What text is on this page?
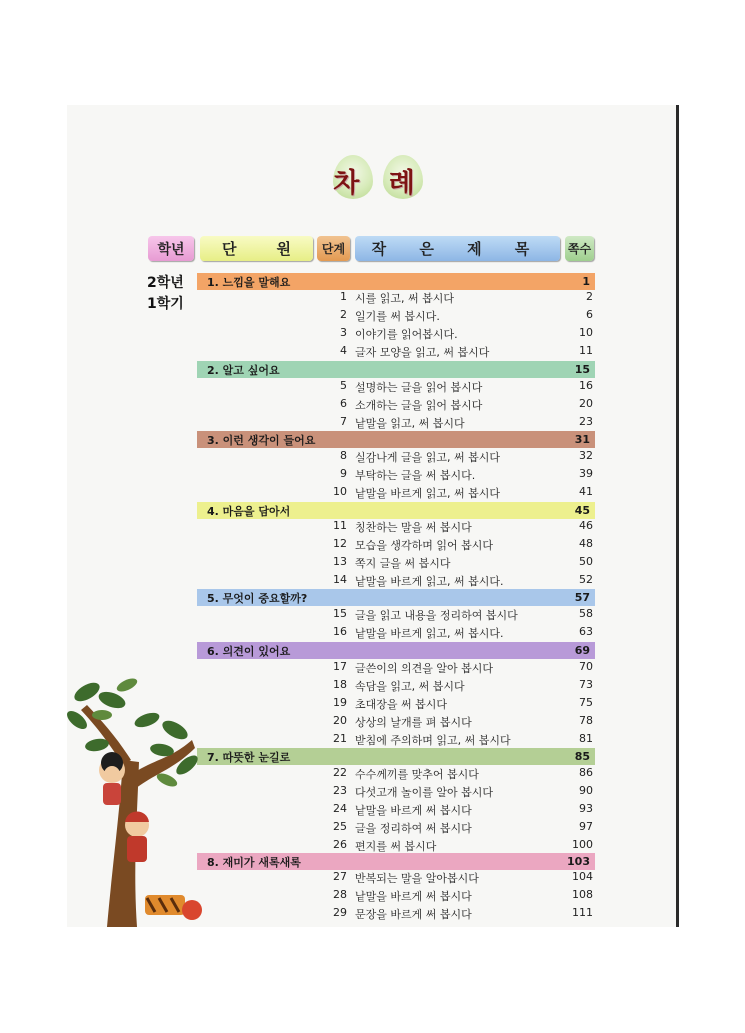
차 례
학년	단	원	단계	작 은 제 목	쪽수
2학년
1학기
1. 느낌을 말해요	1
1 시를 읽고, 써 봅시다	2
2 일기를 써 봅시다.	6
3 이야기를 읽어봅시다.	10
4 글자 모양을 읽고, 써 봅시다	11
2. 알고 싶어요	15
5 설명하는 글을 읽어 봅시다	16
6 소개하는 글을 읽어 봅시다	20
7 낱말을 읽고, 써 봅시다	23
3. 이런 생각이 들어요	31
8 실감나게 글을 읽고, 써 봅시다	32
9 부탁하는 글을 써 봅시다.	39
10 낱말을 바르게 읽고, 써 봅시다	41
4. 마음을 담아서	45
11 칭찬하는 말을 써 봅시다	46
12 모습을 생각하며 읽어 봅시다	48
13 쪽지 글을 써 봅시다	50
14 낱말을 바르게 읽고, 써 봅시다.	52
5. 무엇이 중요할까?	57
15 글을 읽고 내용을 정리하여 봅시다	58
16 낱말을 바르게 읽고, 써 봅시다.	63
6. 의견이 있어요	69
17 글쓴이의 의견을 알아 봅시다	70
18 속담을 읽고, 써 봅시다	73
19 초대장을 써 봅시다	75
20 상상의 날개를 펴 봅시다	78
21 받침에 주의하며 읽고, 써 봅시다	81
7. 따뜻한 눈길로	85
22 수수께끼를 맞추어 봅시다	86
23 다섯고개 놀이를 알아 봅시다	90
24 낱말을 바르게 써 봅시다	93
25 글을 정리하여 써 봅시다	97
26 편지를 써 봅시다	100
8. 재미가 새록새록	103
27 반복되는 말을 알아봅시다	104
28 낱말을 바르게 써 봅시다	108
29 문장을 바르게 써 봅시다	111
